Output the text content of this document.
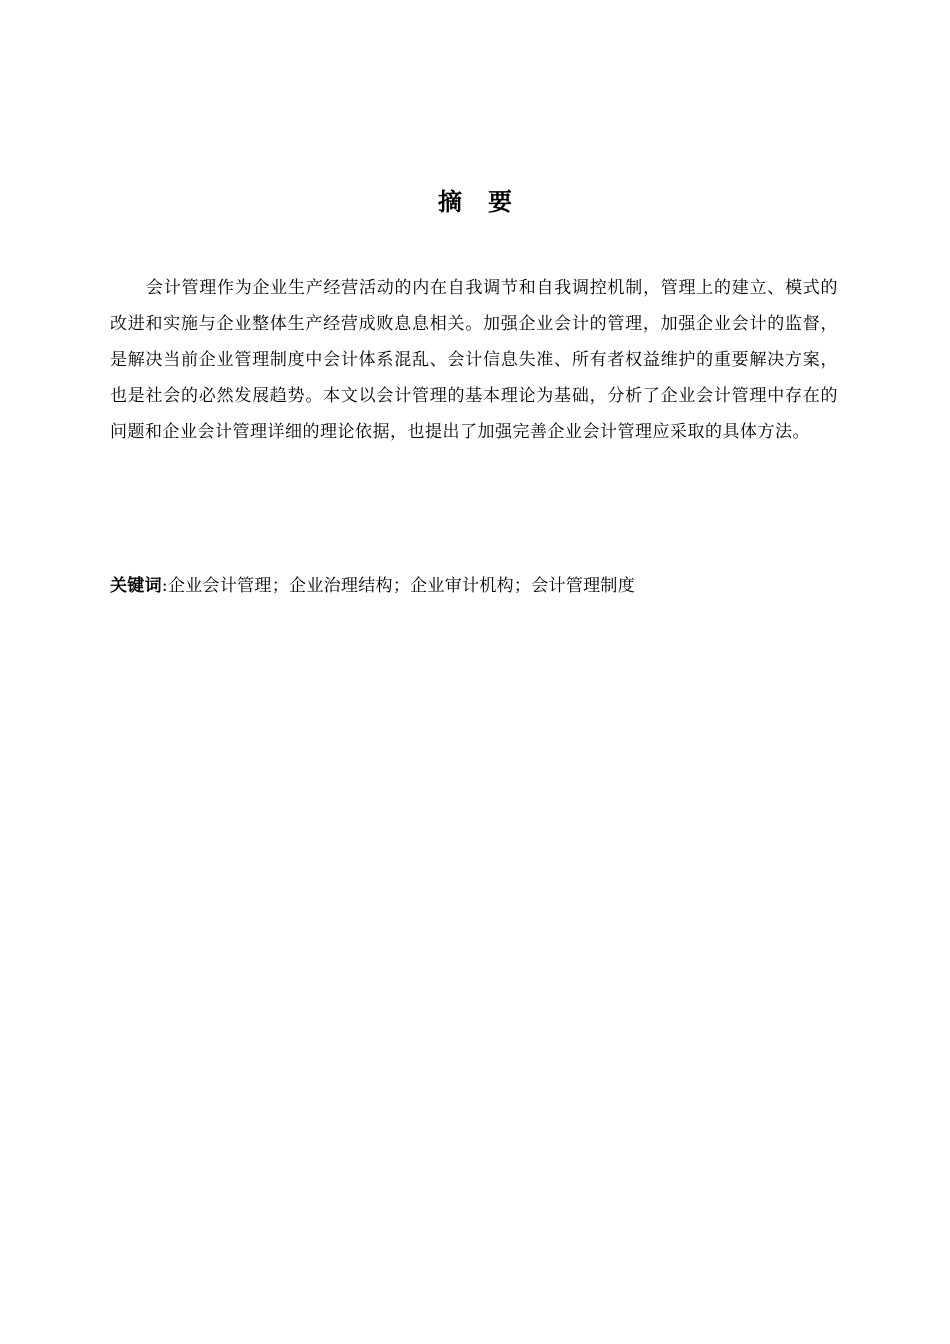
摘 要

会计管理作为企业生产经营活动的内在自我调节和自我调控机制，管理上的建立、模式的改进和实施与企业整体生产经营成败息息相关。加强企业会计的管理，加强企业会计的监督，是解决当前企业管理制度中会计体系混乱、会计信息失准、所有者权益维护的重要解决方案，也是社会的必然发展趋势。本文以会计管理的基本理论为基础，分析了企业会计管理中存在的问题和企业会计管理详细的理论依据，也提出了加强完善企业会计管理应采取的具体方法。

关键词:企业会计管理；企业治理结构；企业审计机构；会计管理制度
